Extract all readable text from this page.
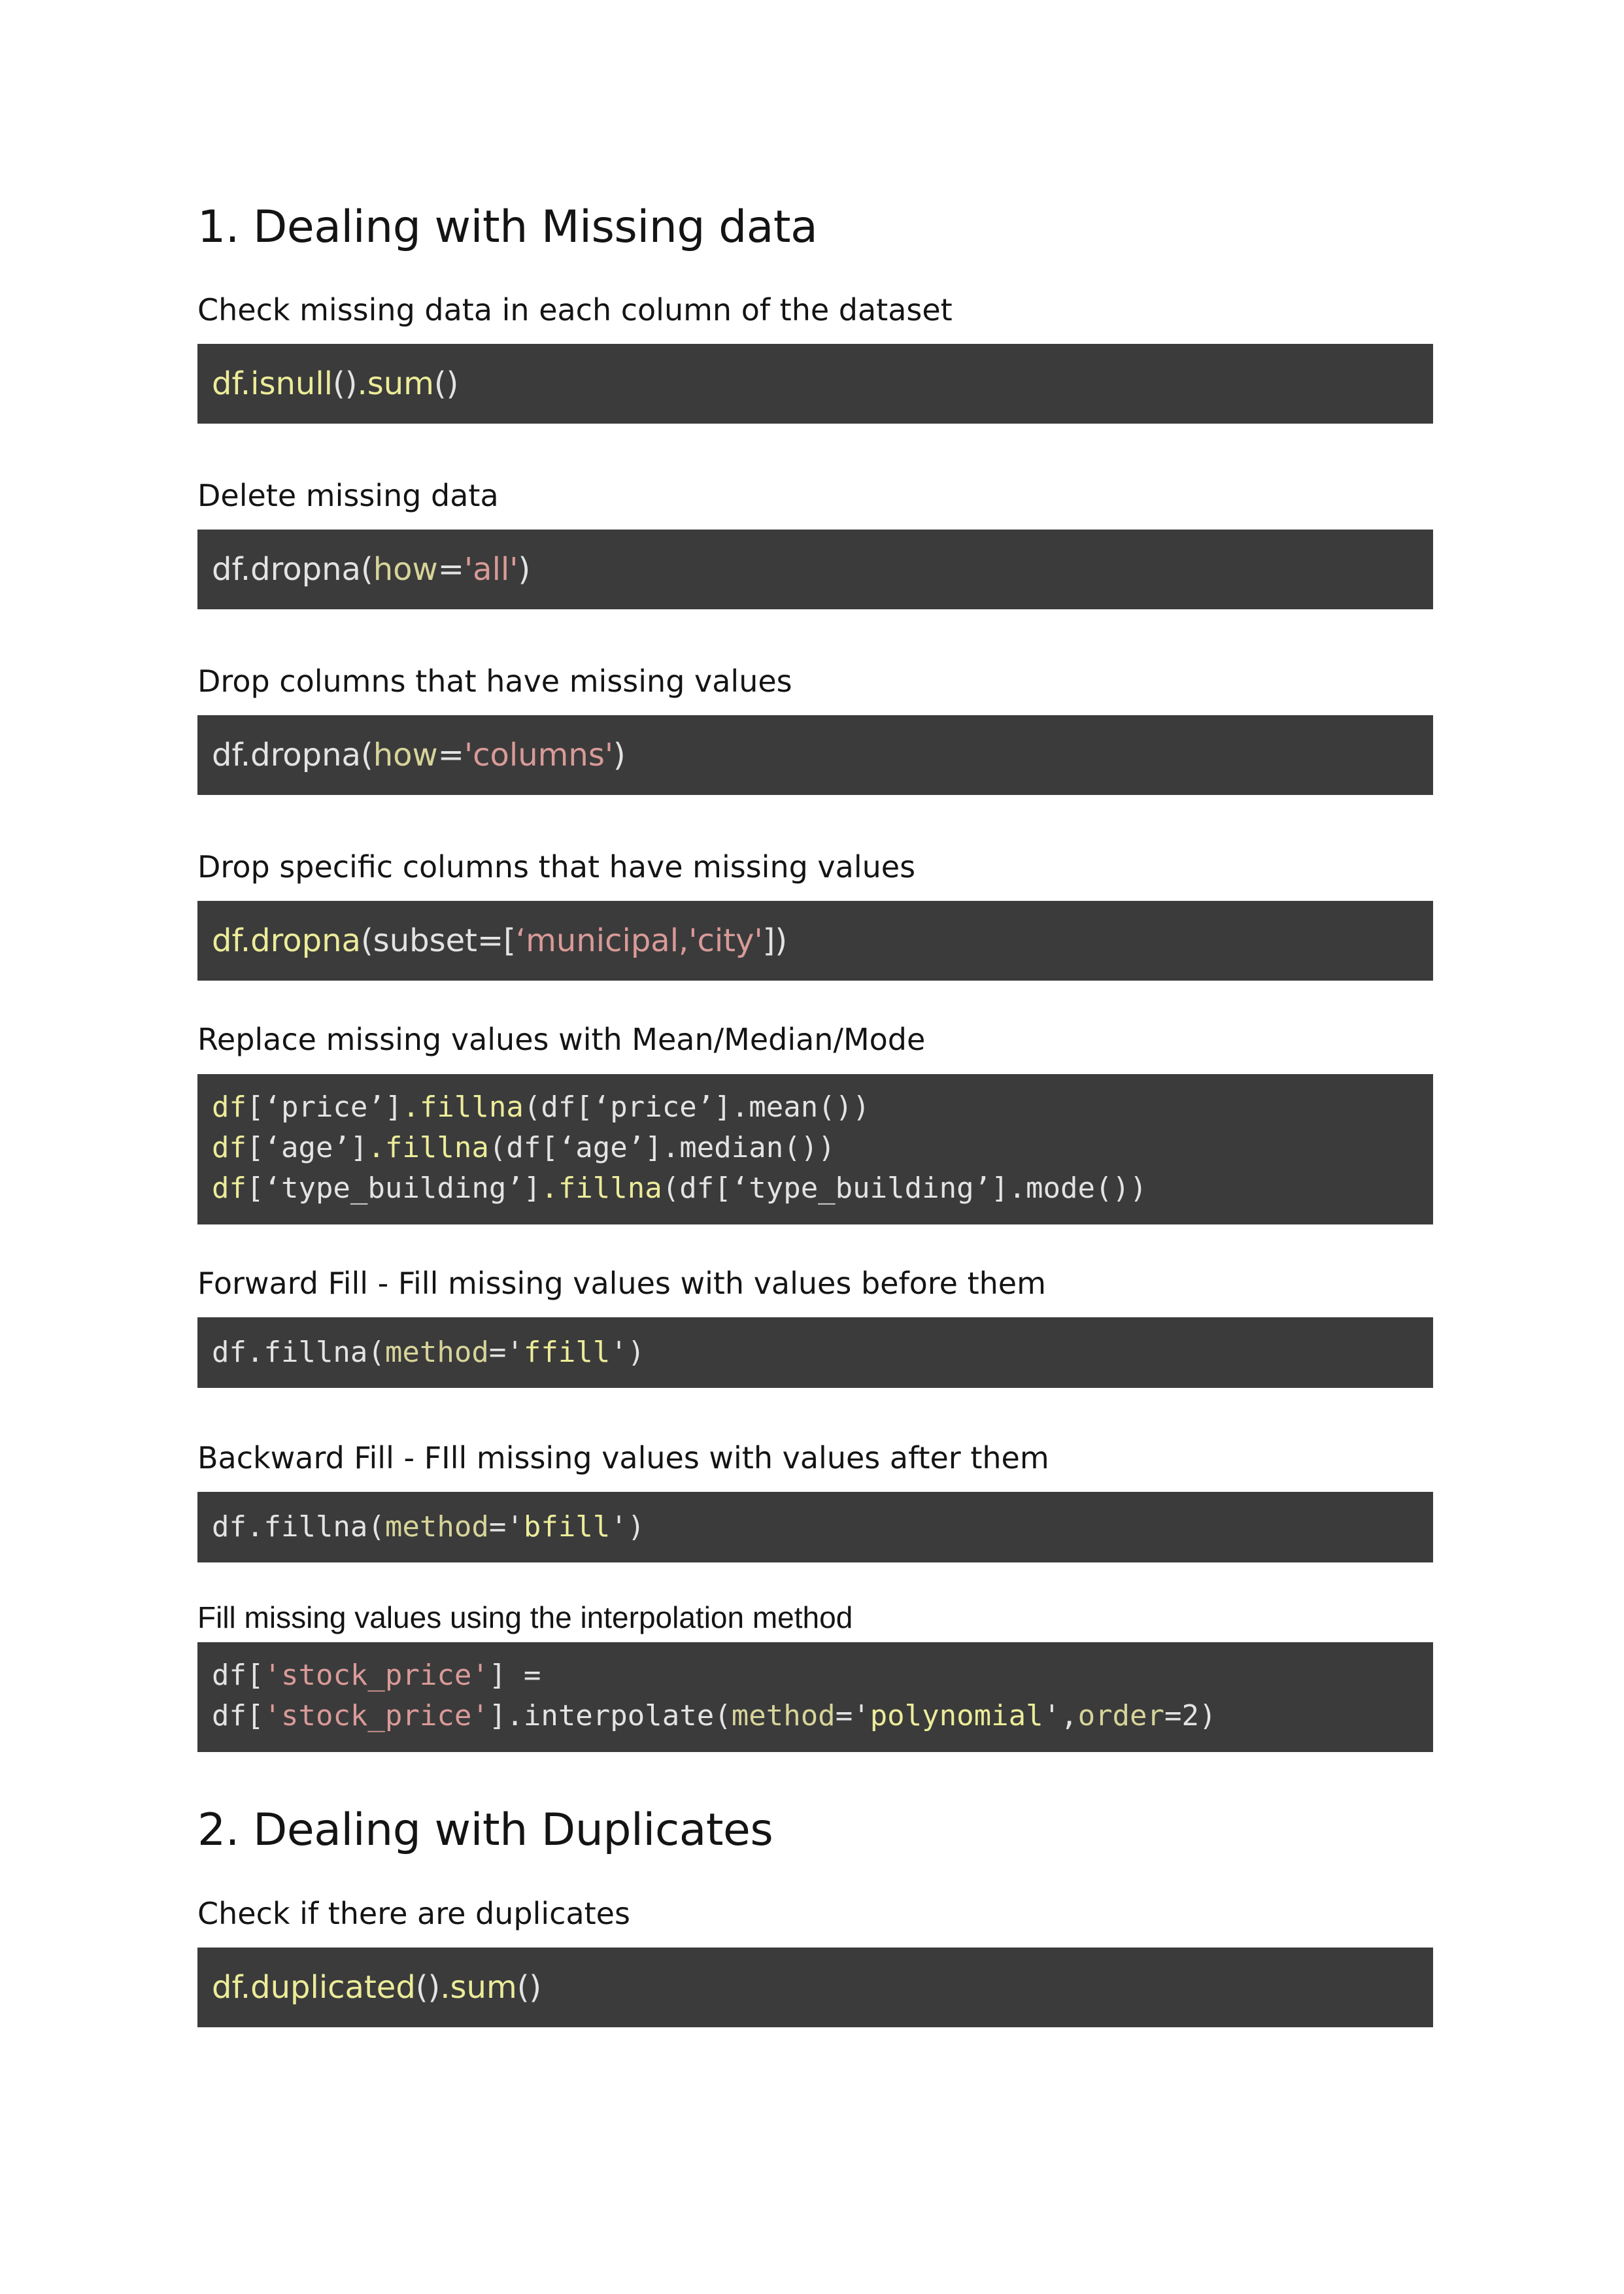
1. Dealing with Missing data

Check missing data in each column of the dataset

df.isnull().sum()

Delete missing data

df.dropna(how='all')

Drop columns that have missing values

df.dropna(how='columns')

Drop specific columns that have missing values

df.dropna(subset=[‘municipal,'city'])

Replace missing values with Mean/Median/Mode

df[‘price’].fillna(df[‘price’].mean())
df[‘age’].fillna(df[‘age’].median())
df[‘type_building’].fillna(df[‘type_building’].mode())

Forward Fill - Fill missing values with values before them

df.fillna(method='ffill')

Backward Fill - FIll missing values with values after them

df.fillna(method='bfill')

Fill missing values using the interpolation method

df['stock_price'] =
df['stock_price'].interpolate(method='polynomial',order=2)
2. Dealing with Duplicates

Check if there are duplicates

df.duplicated().sum()
